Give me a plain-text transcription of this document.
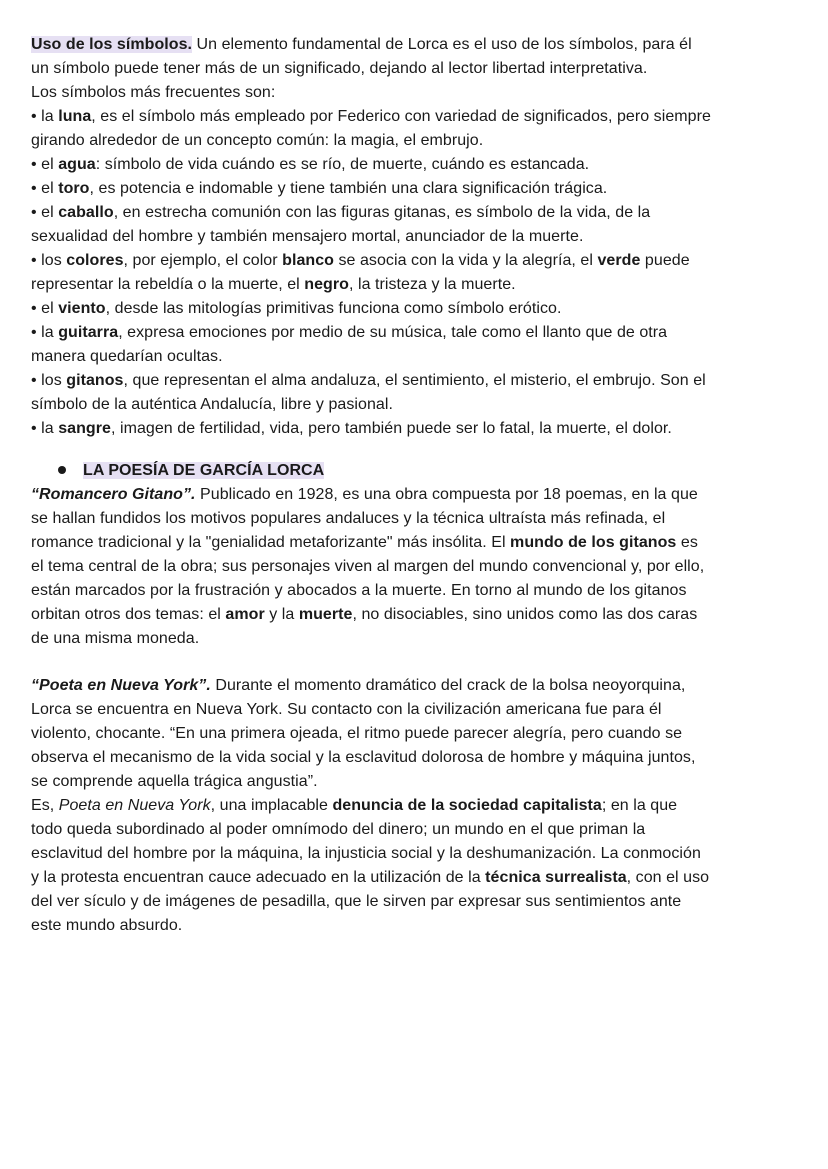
Uso de los símbolos. Un elemento fundamental de Lorca es el uso de los símbolos, para él
un símbolo puede tener más de un significado, dejando al lector libertad interpretativa.
Los símbolos más frecuentes son:
• la luna, es el símbolo más empleado por Federico con variedad de significados, pero siempre
girando alrededor de un concepto común: la magia, el embrujo.
• el agua: símbolo de vida cuándo es se río, de muerte, cuándo es estancada.
• el toro, es potencia e indomable y tiene también una clara significación trágica.
• el caballo, en estrecha comunión con las figuras gitanas, es símbolo de la vida, de la
sexualidad del hombre y también mensajero mortal, anunciador de la muerte.
• los colores, por ejemplo, el color blanco se asocia con la vida y la alegría, el verde puede
representar la rebeldía o la muerte, el negro, la tristeza y la muerte.
• el viento, desde las mitologías primitivas funciona como símbolo erótico.
• la guitarra, expresa emociones por medio de su música, tale como el llanto que de otra
manera quedarían ocultas.
• los gitanos, que representan el alma andaluza, el sentimiento, el misterio, el embrujo. Son el
símbolo de la auténtica Andalucía, libre y pasional.
• la sangre, imagen de fertilidad, vida, pero también puede ser lo fatal, la muerte, el dolor.
LA POESÍA DE GARCÍA LORCA
“Romancero Gitano”. Publicado en 1928, es una obra compuesta por 18 poemas, en la que
se hallan fundidos los motivos populares andaluces y la técnica ultraísta más refinada, el
romance tradicional y la "genialidad metaforizante" más insólita. El mundo de los gitanos es
el tema central de la obra; sus personajes viven al margen del mundo convencional y, por ello,
están marcados por la frustración y abocados a la muerte. En torno al mundo de los gitanos
orbitan otros dos temas: el amor y la muerte, no disociables, sino unidos como las dos caras
de una misma moneda.
“Poeta en Nueva York”. Durante el momento dramático del crack de la bolsa neoyorquina,
Lorca se encuentra en Nueva York. Su contacto con la civilización americana fue para él
violento, chocante. “En una primera ojeada, el ritmo puede parecer alegría, pero cuando se
observa el mecanismo de la vida social y la esclavitud dolorosa de hombre y máquina juntos,
se comprende aquella trágica angustia”.
Es, Poeta en Nueva York, una implacable denuncia de la sociedad capitalista; en la que
todo queda subordinado al poder omnímodo del dinero; un mundo en el que priman la
esclavitud del hombre por la máquina, la injusticia social y la deshumanización. La conmoción
y la protesta encuentran cauce adecuado en la utilización de la técnica surrealista, con el uso
del ver sículo y de imágenes de pesadilla, que le sirven par expresar sus sentimientos ante
este mundo absurdo.
